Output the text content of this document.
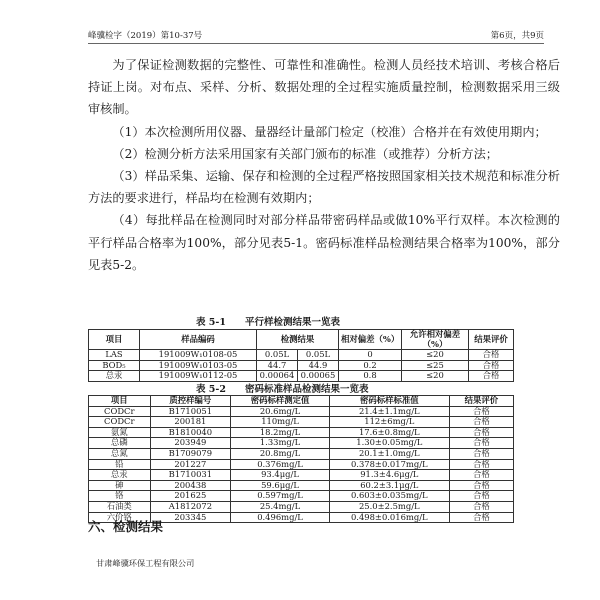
峰骥检字（2019）第10-37号	第6页，共9页

为了保证检测数据的完整性、可靠性和准确性。检测人员经技术培训、考核合格后持证上岗。对布点、采样、分析、数据处理的全过程实施质量控制，检测数据采用三级审核制。

（1）本次检测所用仪器、量器经计量部门检定（校准）合格并在有效使用期内；

（2）检测分析方法采用国家有关部门颁布的标准（或推荐）分析方法；

（3）样品采集、运输、保存和检测的全过程严格按照国家相关技术规范和标准分析方法的要求进行，样品均在检测有效期内；

（4）每批样品在检测同时对部分样品带密码样品或做10%平行双样。本次检测的平行样品合格率为100%，部分见表5-1。密码标准样品检测结果合格率为100%，部分见表5-2。

表 5-1　　平行样检测结果一览表

项目	样品编码	检测结果		相对偏差（%）	允许相对偏差（%）	结果评价
LAS	191009W₁0108-05	0.05L	0.05L	0	≤20	合格
BOD₅	191009W₁0103-05	44.7	44.9	0.2	≤25	合格
总汞	191009W₁0112-05	0.00064	0.00065	0.8	≤20	合格

表 5-2　　密码标准样品检测结果一览表

项目	质控样编号	密码标样测定值	密码标样标准值	结果评价
CODCr	B1710051	20.6mg/L	21.4±1.1mg/L	合格
CODCr	200181	110mg/L	112±6mg/L	合格
氨氮	B1810040	18.2mg/L	17.6±0.8mg/L	合格
总磷	203949	1.33mg/L	1.30±0.05mg/L	合格
总氮	B1709079	20.8mg/L	20.1±1.0mg/L	合格
铅	201227	0.376mg/L	0.378±0.017mg/L	合格
总汞	B1710031	93.4μg/L	91.3±4.6μg/L	合格
砷	200438	59.6μg/L	60.2±3.1μg/L	合格
铬	201625	0.597mg/L	0.603±0.035mg/L	合格
石油类	A1812072	25.4mg/L	25.0±2.5mg/L	合格
六价铬	203345	0.496mg/L	0.498±0.016mg/L	合格
六、检测结果
甘肃峰骥环保工程有限公司
